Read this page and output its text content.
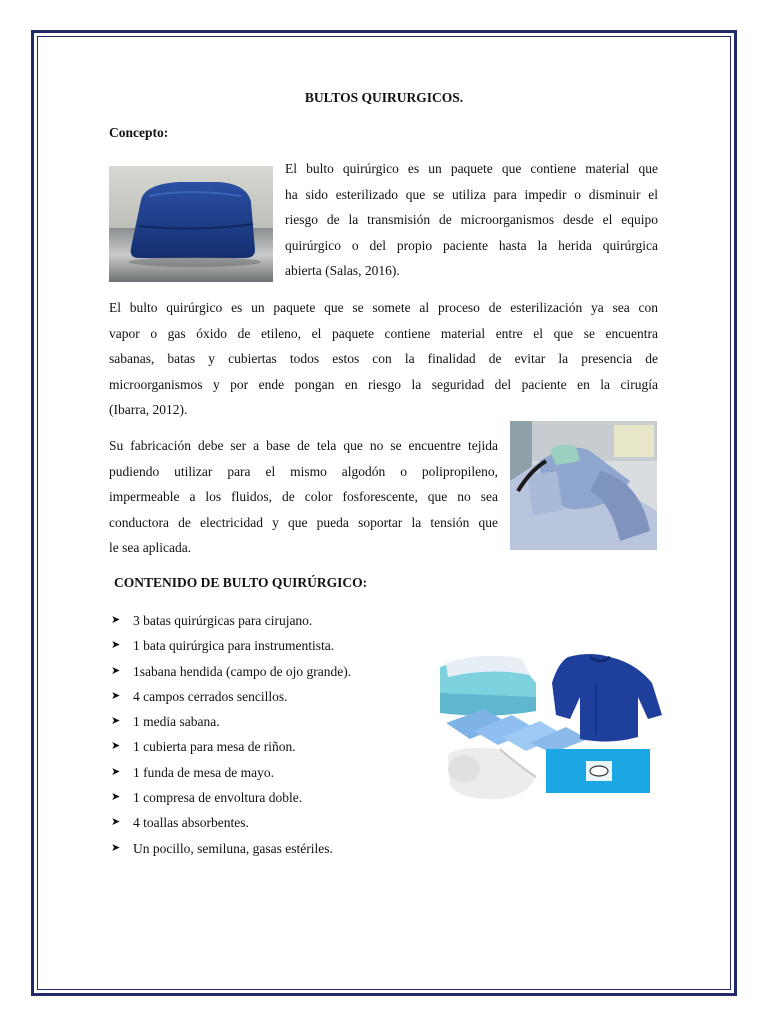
BULTOS QUIRURGICOS.
Concepto:
El bulto quirúrgico es un paquete que contiene material que
ha sido esterilizado que se utiliza para impedir o disminuir el
riesgo de la transmisión de microorganismos desde el equipo
quirúrgico o del propio paciente hasta la herida quirúrgica
abierta (Salas, 2016).
El bulto quirúrgico es un paquete que se somete al proceso de esterilización ya sea con
vapor o gas óxido de etileno, el paquete contiene material entre el que se encuentra
sabanas, batas y cubiertas todos estos con la finalidad de evitar la presencia de
microorganismos y por ende pongan en riesgo la seguridad del paciente en la cirugía
(Ibarra, 2012).
Su fabricación debe ser a base de tela que no se encuentre tejida
pudiendo utilizar para el mismo algodón o polipropileno,
impermeable a los fluidos, de color fosforescente, que no sea
conductora de electricidad y que pueda soportar la tensión que
le sea aplicada.
CONTENIDO DE BULTO QUIRÚRGICO:
➤ 3 batas quirúrgicas para cirujano.
➤ 1 bata quirúrgica para instrumentista.
➤ 1sabana hendida (campo de ojo grande).
➤ 4 campos cerrados sencillos.
➤ 1 media sabana.
➤ 1 cubierta para mesa de riñon.
➤ 1 funda de mesa de mayo.
➤ 1 compresa de envoltura doble.
➤ 4 toallas absorbentes.
➤ Un pocillo, semiluna, gasas estériles.
